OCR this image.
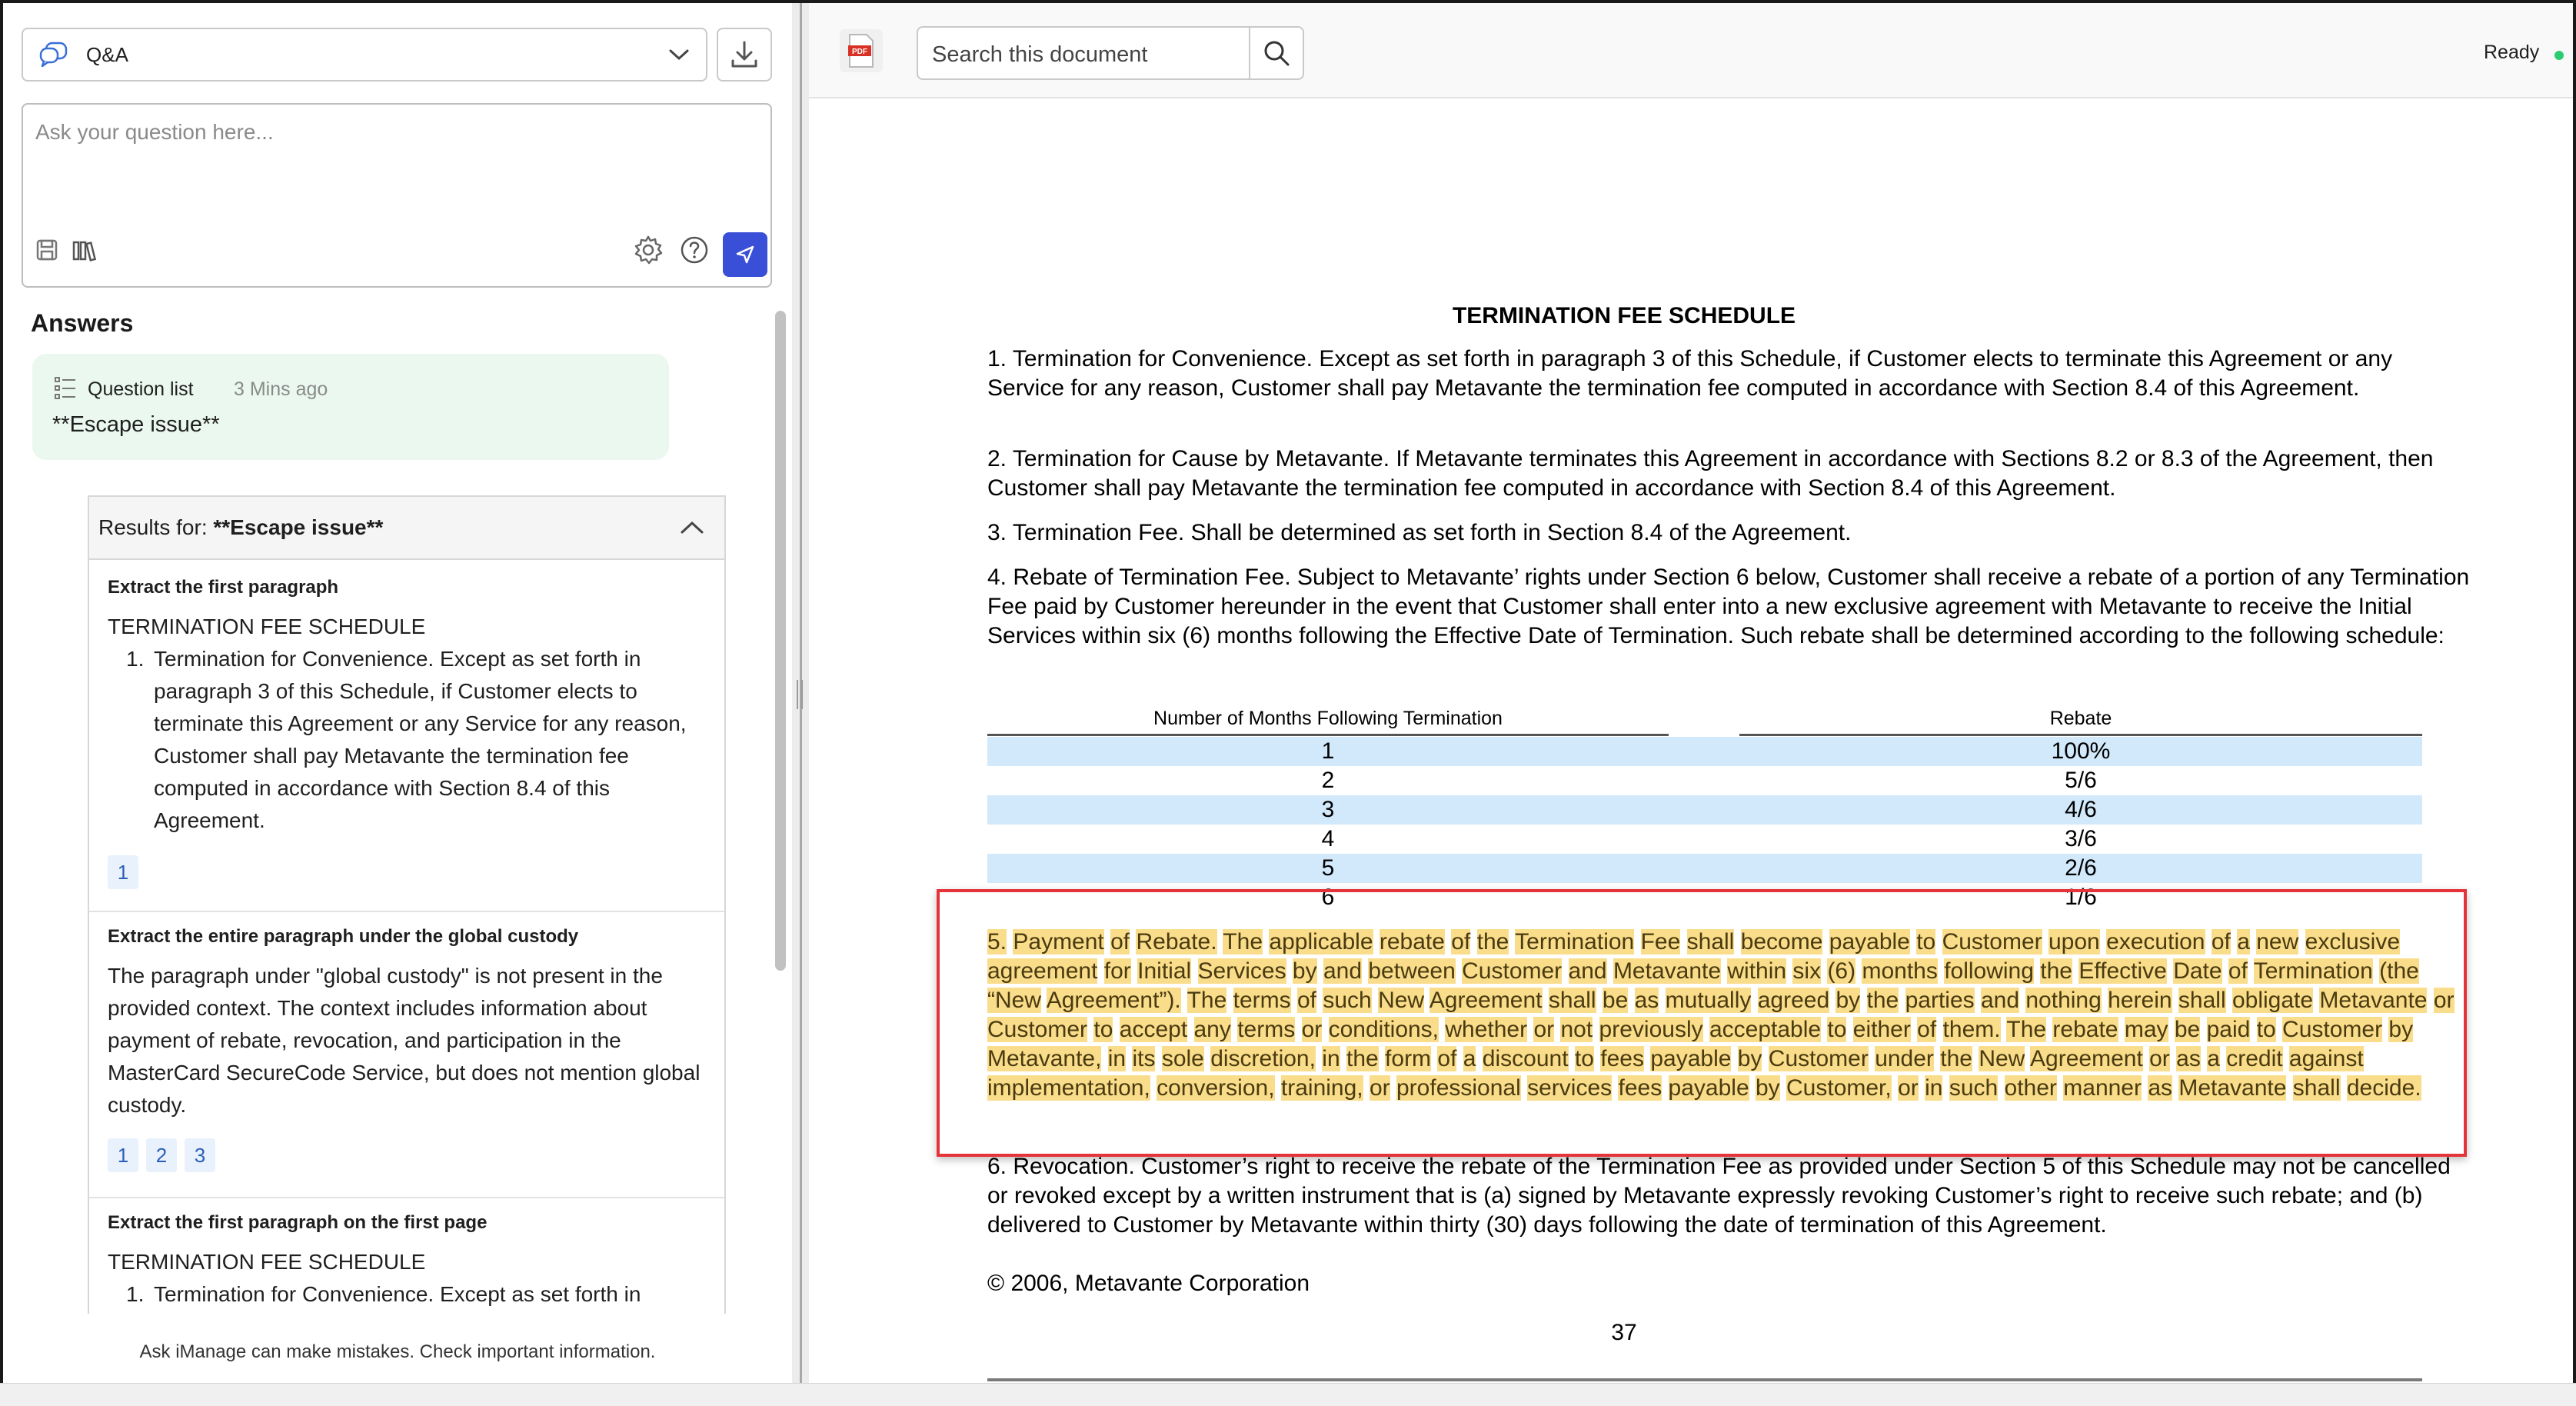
Q&A
Ask your question here...
Answers
Question list 3 Mins ago
**Escape issue**
Results for: **Escape issue**
Extract the first paragraph
TERMINATION FEE SCHEDULE
1. Termination for Convenience. Except as set forth in paragraph 3 of this Schedule, if Customer elects to terminate this Agreement or any Service for any reason, Customer shall pay Metavante the termination fee computed in accordance with Section 8.4 of this Agreement.
1
Extract the entire paragraph under the global custody
The paragraph under "global custody" is not present in the provided context. The context includes information about payment of rebate, revocation, and participation in the MasterCard SecureCode Service, but does not mention global custody.
1	2	3
Extract the first paragraph on the first page
TERMINATION FEE SCHEDULE
1. Termination for Convenience. Except as set forth in
Ask iManage can make mistakes. Check important information.
PDF
Search this document	Ready
TERMINATION FEE SCHEDULE
1. Termination for Convenience. Except as set forth in paragraph 3 of this Schedule, if Customer elects to terminate this Agreement or any Service for any reason, Customer shall pay Metavante the termination fee computed in accordance with Section 8.4 of this Agreement.
2. Termination for Cause by Metavante. If Metavante terminates this Agreement in accordance with Sections 8.2 or 8.3 of the Agreement, then Customer shall pay Metavante the termination fee computed in accordance with Section 8.4 of this Agreement.
3. Termination Fee. Shall be determined as set forth in Section 8.4 of the Agreement.
4. Rebate of Termination Fee. Subject to Metavante’ rights under Section 6 below, Customer shall receive a rebate of a portion of any Termination Fee paid by Customer hereunder in the event that Customer shall enter into a new exclusive agreement with Metavante to receive the Initial Services within six (6) months following the Effective Date of Termination. Such rebate shall be determined according to the following schedule:
Number of Months Following Termination	Rebate
1	100%
2	5/6
3	4/6
4	3/6
5	2/6
6	1/6
5. Payment of Rebate. The applicable rebate of the Termination Fee shall become payable to Customer upon execution of a new exclusive agreement for Initial Services by and between Customer and Metavante within six (6) months following the Effective Date of Termination (the “New Agreement”). The terms of such New Agreement shall be as mutually agreed by the parties and nothing herein shall obligate Metavante or Customer to accept any terms or conditions, whether or not previously acceptable to either of them. The rebate may be paid to Customer by Metavante, in its sole discretion, in the form of a discount to fees payable by Customer under the New Agreement or as a credit against implementation, conversion, training, or professional services fees payable by Customer, or in such other manner as Metavante shall decide.
6. Revocation. Customer’s right to receive the rebate of the Termination Fee as provided under Section 5 of this Schedule may not be cancelled or revoked except by a written instrument that is (a) signed by Metavante expressly revoking Customer’s right to receive such rebate; and (b) delivered to Customer by Metavante within thirty (30) days following the date of termination of this Agreement.
© 2006, Metavante Corporation
37
